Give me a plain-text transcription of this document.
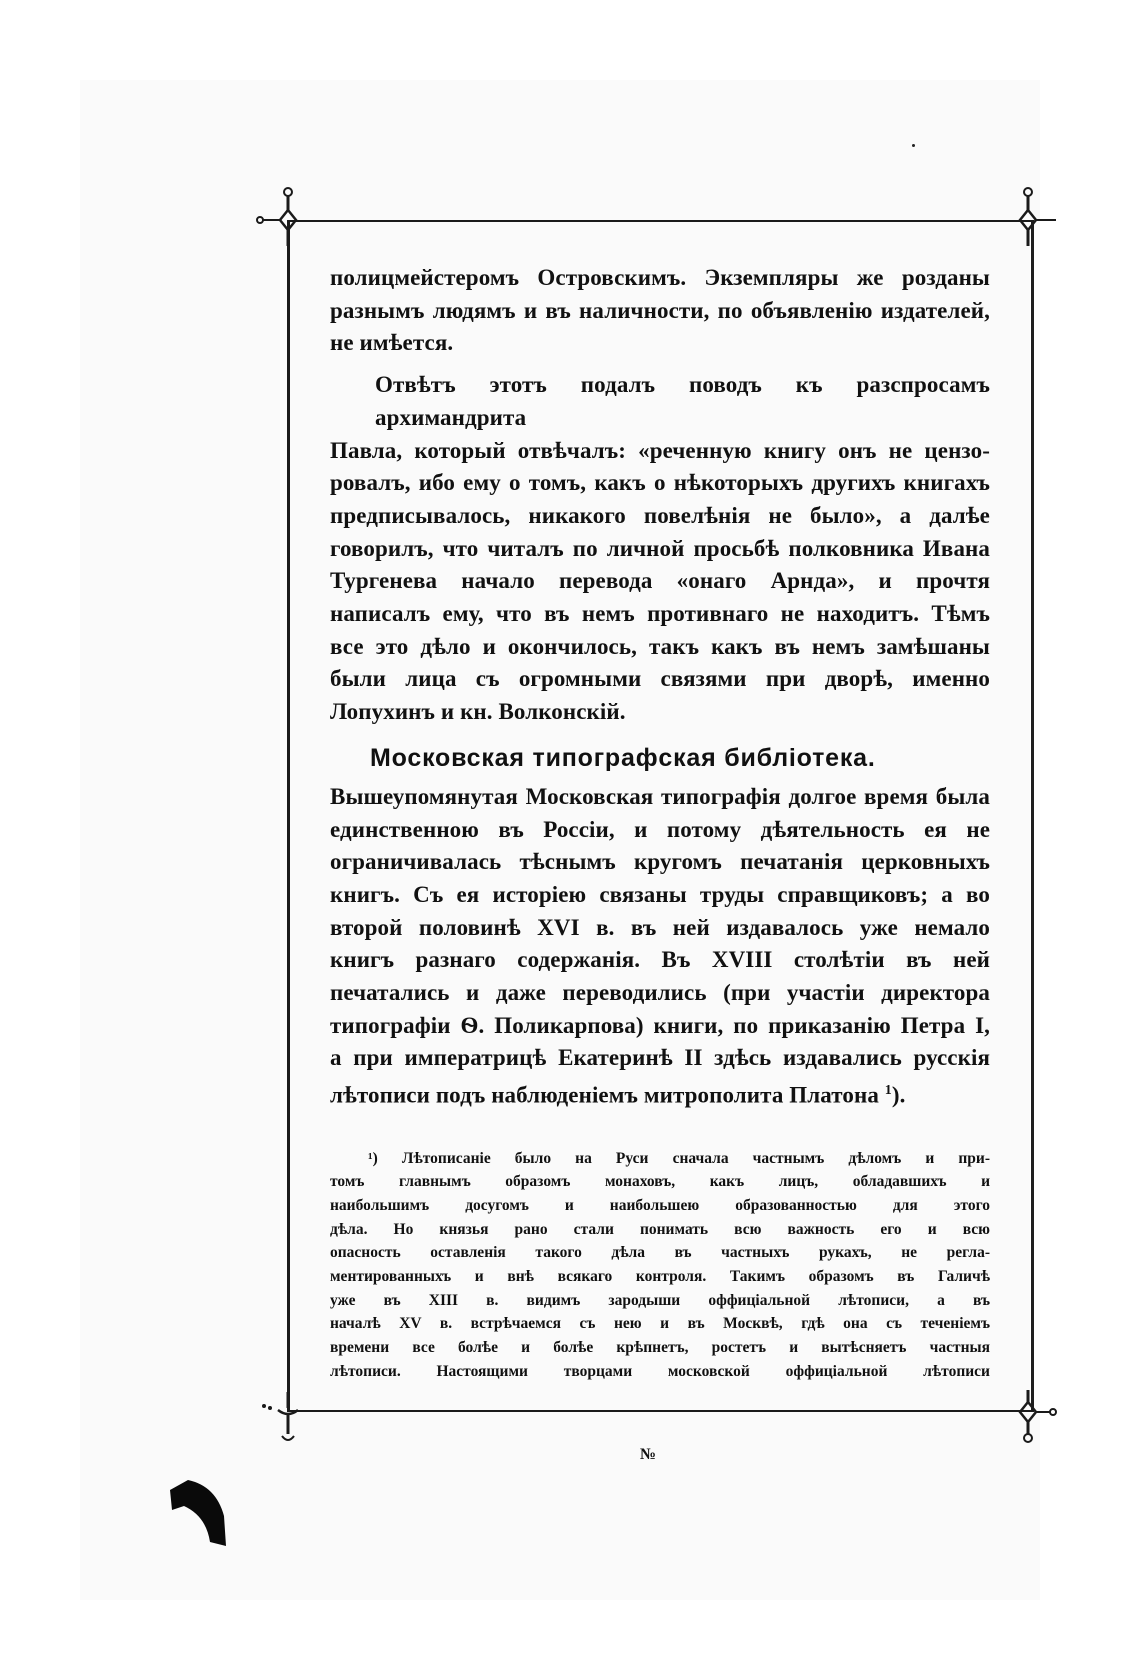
полицмейстеромъ Островскимъ. Экземпляры же розданы
разнымъ людямъ и въ наличности, по объявленію издателей,
не имѣется.

Отвѣтъ этотъ подалъ поводъ къ разспросамъ архимандрита
Павла, который отвѣчалъ: «реченную книгу онъ не цензо-
ровалъ, ибо ему о томъ, какъ о нѣкоторыхъ другихъ книгахъ
предписывалось, никакого повелѣнія не было», а далѣе
говорилъ, что читалъ по личной просьбѣ полковника Ивана
Тургенева начало перевода «онаго Арнда», и прочтя
написалъ ему, что въ немъ противнаго не находитъ. Тѣмъ
все это дѣло и окончилось, такъ какъ въ немъ замѣшаны
были лица съ огромными связями при дворѣ, именно
Лопухинъ и кн. Волконскій.

Московская типографская библіотека.

Вышеупомянутая Московская типографія долгое время была
единственною въ Россіи, и потому дѣятельность ея не
ограничивалась тѣснымъ кругомъ печатанія церковныхъ
книгъ. Съ ея исторіею связаны труды справщиковъ; а во
второй половинѣ XVI в. въ ней издавалось уже немало
книгъ разнаго содержанія. Въ XVIII столѣтіи въ ней
печатались и даже переводились (при участіи директора
типографіи Ѳ. Поликарпова) книги, по приказанію Петра I,
а при императрицѣ Екатеринѣ II здѣсь издавались русскія
лѣтописи подъ наблюденіемъ митрополита Платона $^1$).

¹) Лѣтописаніе было на Руси сначала частнымъ дѣломъ и при-
томъ главнымъ образомъ монаховъ, какъ лицъ, обладавшихъ и
наибольшимъ досугомъ и наибольшею образованностью для этого
дѣла. Но князья рано стали понимать всю важность его и всю
опасность оставленія такого дѣла въ частныхъ рукахъ, не регла-
ментированныхъ и внѣ всякаго контроля. Такимъ образомъ въ Галичѣ
уже въ XIII в. видимъ зародыши оффиціальной лѣтописи, а въ
началѣ XV в. встрѣчаемся съ нею и въ Москвѣ, гдѣ она съ теченіемъ
времени все болѣе и болѣе крѣпнетъ, ростетъ и вытѣсняетъ частныя
лѣтописи. Настоящими творцами московской оффиціальной лѣтописи
№
